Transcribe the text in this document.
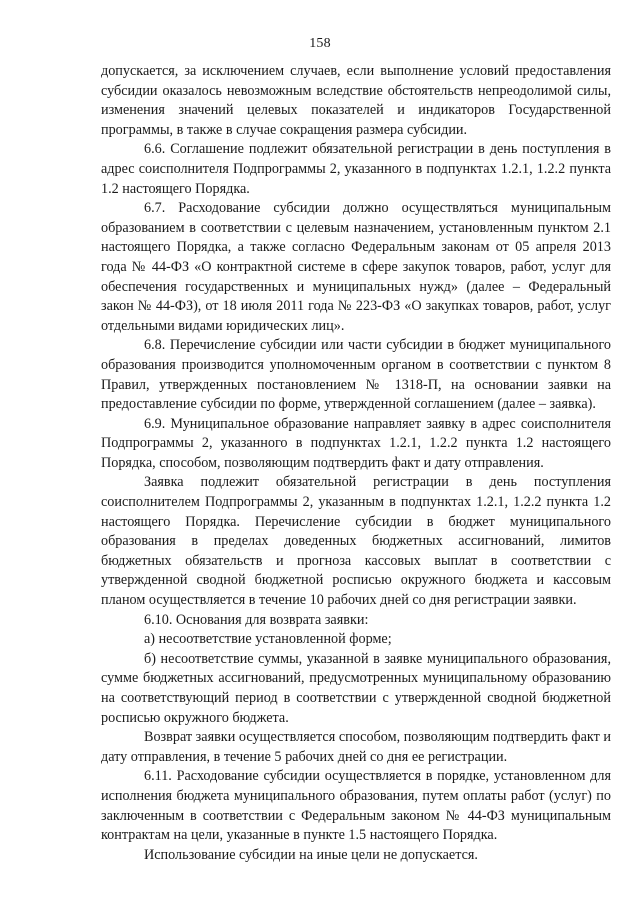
158

допускается, за исключением случаев, если выполнение условий предоставления субсидии оказалось невозможным вследствие обстоятельств непреодолимой силы, изменения значений целевых показателей и индикаторов Государственной программы, в также в случае сокращения размера субсидии.

6.6. Соглашение подлежит обязательной регистрации в день поступления в адрес соисполнителя Подпрограммы 2, указанного в подпунктах 1.2.1, 1.2.2 пункта 1.2 настоящего Порядка.

6.7. Расходование субсидии должно осуществляться муниципальным образованием в соответствии с целевым назначением, установленным пунктом 2.1 настоящего Порядка, а также согласно Федеральным законам от 05 апреля 2013 года № 44-ФЗ «О контрактной системе в сфере закупок товаров, работ, услуг для обеспечения государственных и муниципальных нужд» (далее – Федеральный закон № 44-ФЗ), от 18 июля 2011 года № 223-ФЗ «О закупках товаров, работ, услуг отдельными видами юридических лиц».

6.8. Перечисление субсидии или части субсидии в бюджет муниципального образования производится уполномоченным органом в соответствии с пунктом 8 Правил, утвержденных постановлением № 1318-П, на основании заявки на предоставление субсидии по форме, утвержденной соглашением (далее – заявка).

6.9. Муниципальное образование направляет заявку в адрес соисполнителя Подпрограммы 2, указанного в подпунктах 1.2.1, 1.2.2 пункта 1.2 настоящего Порядка, способом, позволяющим подтвердить факт и дату отправления.

Заявка подлежит обязательной регистрации в день поступления соисполнителем Подпрограммы 2, указанным в подпунктах 1.2.1, 1.2.2 пункта 1.2 настоящего Порядка. Перечисление субсидии в бюджет муниципального образования в пределах доведенных бюджетных ассигнований, лимитов бюджетных обязательств и прогноза кассовых выплат в соответствии с утвержденной сводной бюджетной росписью окружного бюджета и кассовым планом осуществляется в течение 10 рабочих дней со дня регистрации заявки.

6.10. Основания для возврата заявки:

а) несоответствие установленной форме;

б) несоответствие суммы, указанной в заявке муниципального образования, сумме бюджетных ассигнований, предусмотренных муниципальному образованию на соответствующий период в соответствии с утвержденной сводной бюджетной росписью окружного бюджета.

Возврат заявки осуществляется способом, позволяющим подтвердить факт и дату отправления, в течение 5 рабочих дней со дня ее регистрации.

6.11. Расходование субсидии осуществляется в порядке, установленном для исполнения бюджета муниципального образования, путем оплаты работ (услуг) по заключенным в соответствии с Федеральным законом № 44-ФЗ муниципальным контрактам на цели, указанные в пункте 1.5 настоящего Порядка.

Использование субсидии на иные цели не допускается.
